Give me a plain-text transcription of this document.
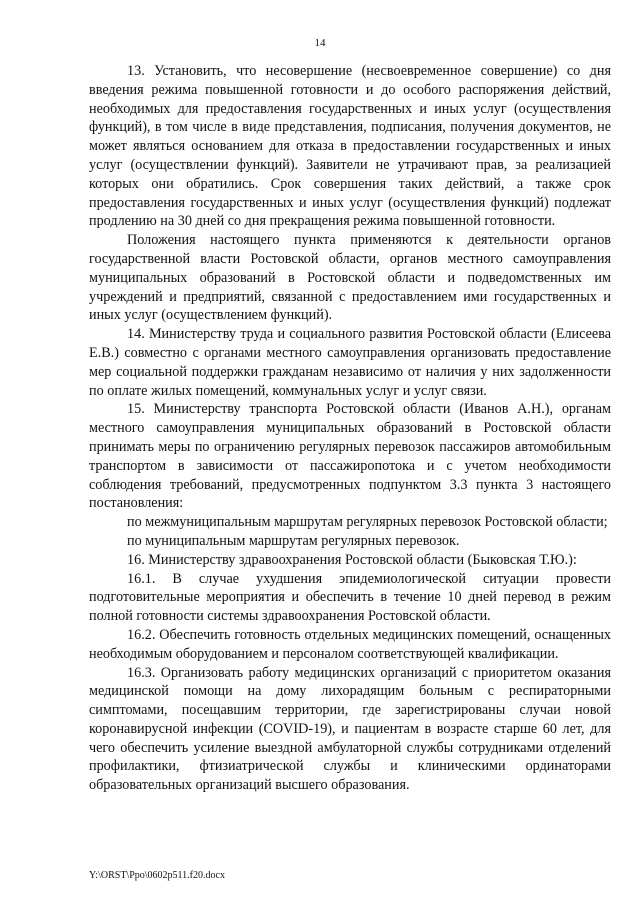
14

13. Установить, что несовершение (несвоевременное совершение) со дня введения режима повышенной готовности и до особого распоряжения действий, необходимых для предоставления государственных и иных услуг (осуществления функций), в том числе в виде представления, подписания, получения документов, не может являться основанием для отказа в предоставлении государственных и иных услуг (осуществлении функций). Заявители не утрачивают прав, за реализацией которых они обратились. Срок совершения таких действий, а также срок предоставления государственных и иных услуг (осуществления функций) подлежат продлению на 30 дней со дня прекращения режима повышенной готовности.

Положения настоящего пункта применяются к деятельности органов государственной власти Ростовской области, органов местного самоуправления муниципальных образований в Ростовской области и подведомственных им учреждений и предприятий, связанной с предоставлением ими государственных и иных услуг (осуществлением функций).

14. Министерству труда и социального развития Ростовской области (Елисеева Е.В.) совместно с органами местного самоуправления организовать предоставление мер социальной поддержки гражданам независимо от наличия у них задолженности по оплате жилых помещений, коммунальных услуг и услуг связи.

15. Министерству транспорта Ростовской области (Иванов А.Н.), органам местного самоуправления муниципальных образований в Ростовской области принимать меры по ограничению регулярных перевозок пассажиров автомобильным транспортом в зависимости от пассажиропотока и с учетом необходимости соблюдения требований, предусмотренных подпунктом 3.3 пункта 3 настоящего постановления:

по межмуниципальным маршрутам регулярных перевозок Ростовской области;

по муниципальным маршрутам регулярных перевозок.

16. Министерству здравоохранения Ростовской области (Быковская Т.Ю.):

16.1. В случае ухудшения эпидемиологической ситуации провести подготовительные мероприятия и обеспечить в течение 10 дней перевод в режим полной готовности системы здравоохранения Ростовской области.

16.2. Обеспечить готовность отдельных медицинских помещений, оснащенных необходимым оборудованием и персоналом соответствующей квалификации.

16.3. Организовать работу медицинских организаций с приоритетом оказания медицинской помощи на дому лихорадящим больным с респираторными симптомами, посещавшим территории, где зарегистрированы случаи новой коронавирусной инфекции (COVID-19), и пациентам в возрасте старше 60 лет, для чего обеспечить усиление выездной амбулаторной службы сотрудниками отделений профилактики, фтизиатрической службы и клиническими ординаторами образовательных организаций высшего образования.

Y:\ORST\Ppo\0602p511.f20.docx
